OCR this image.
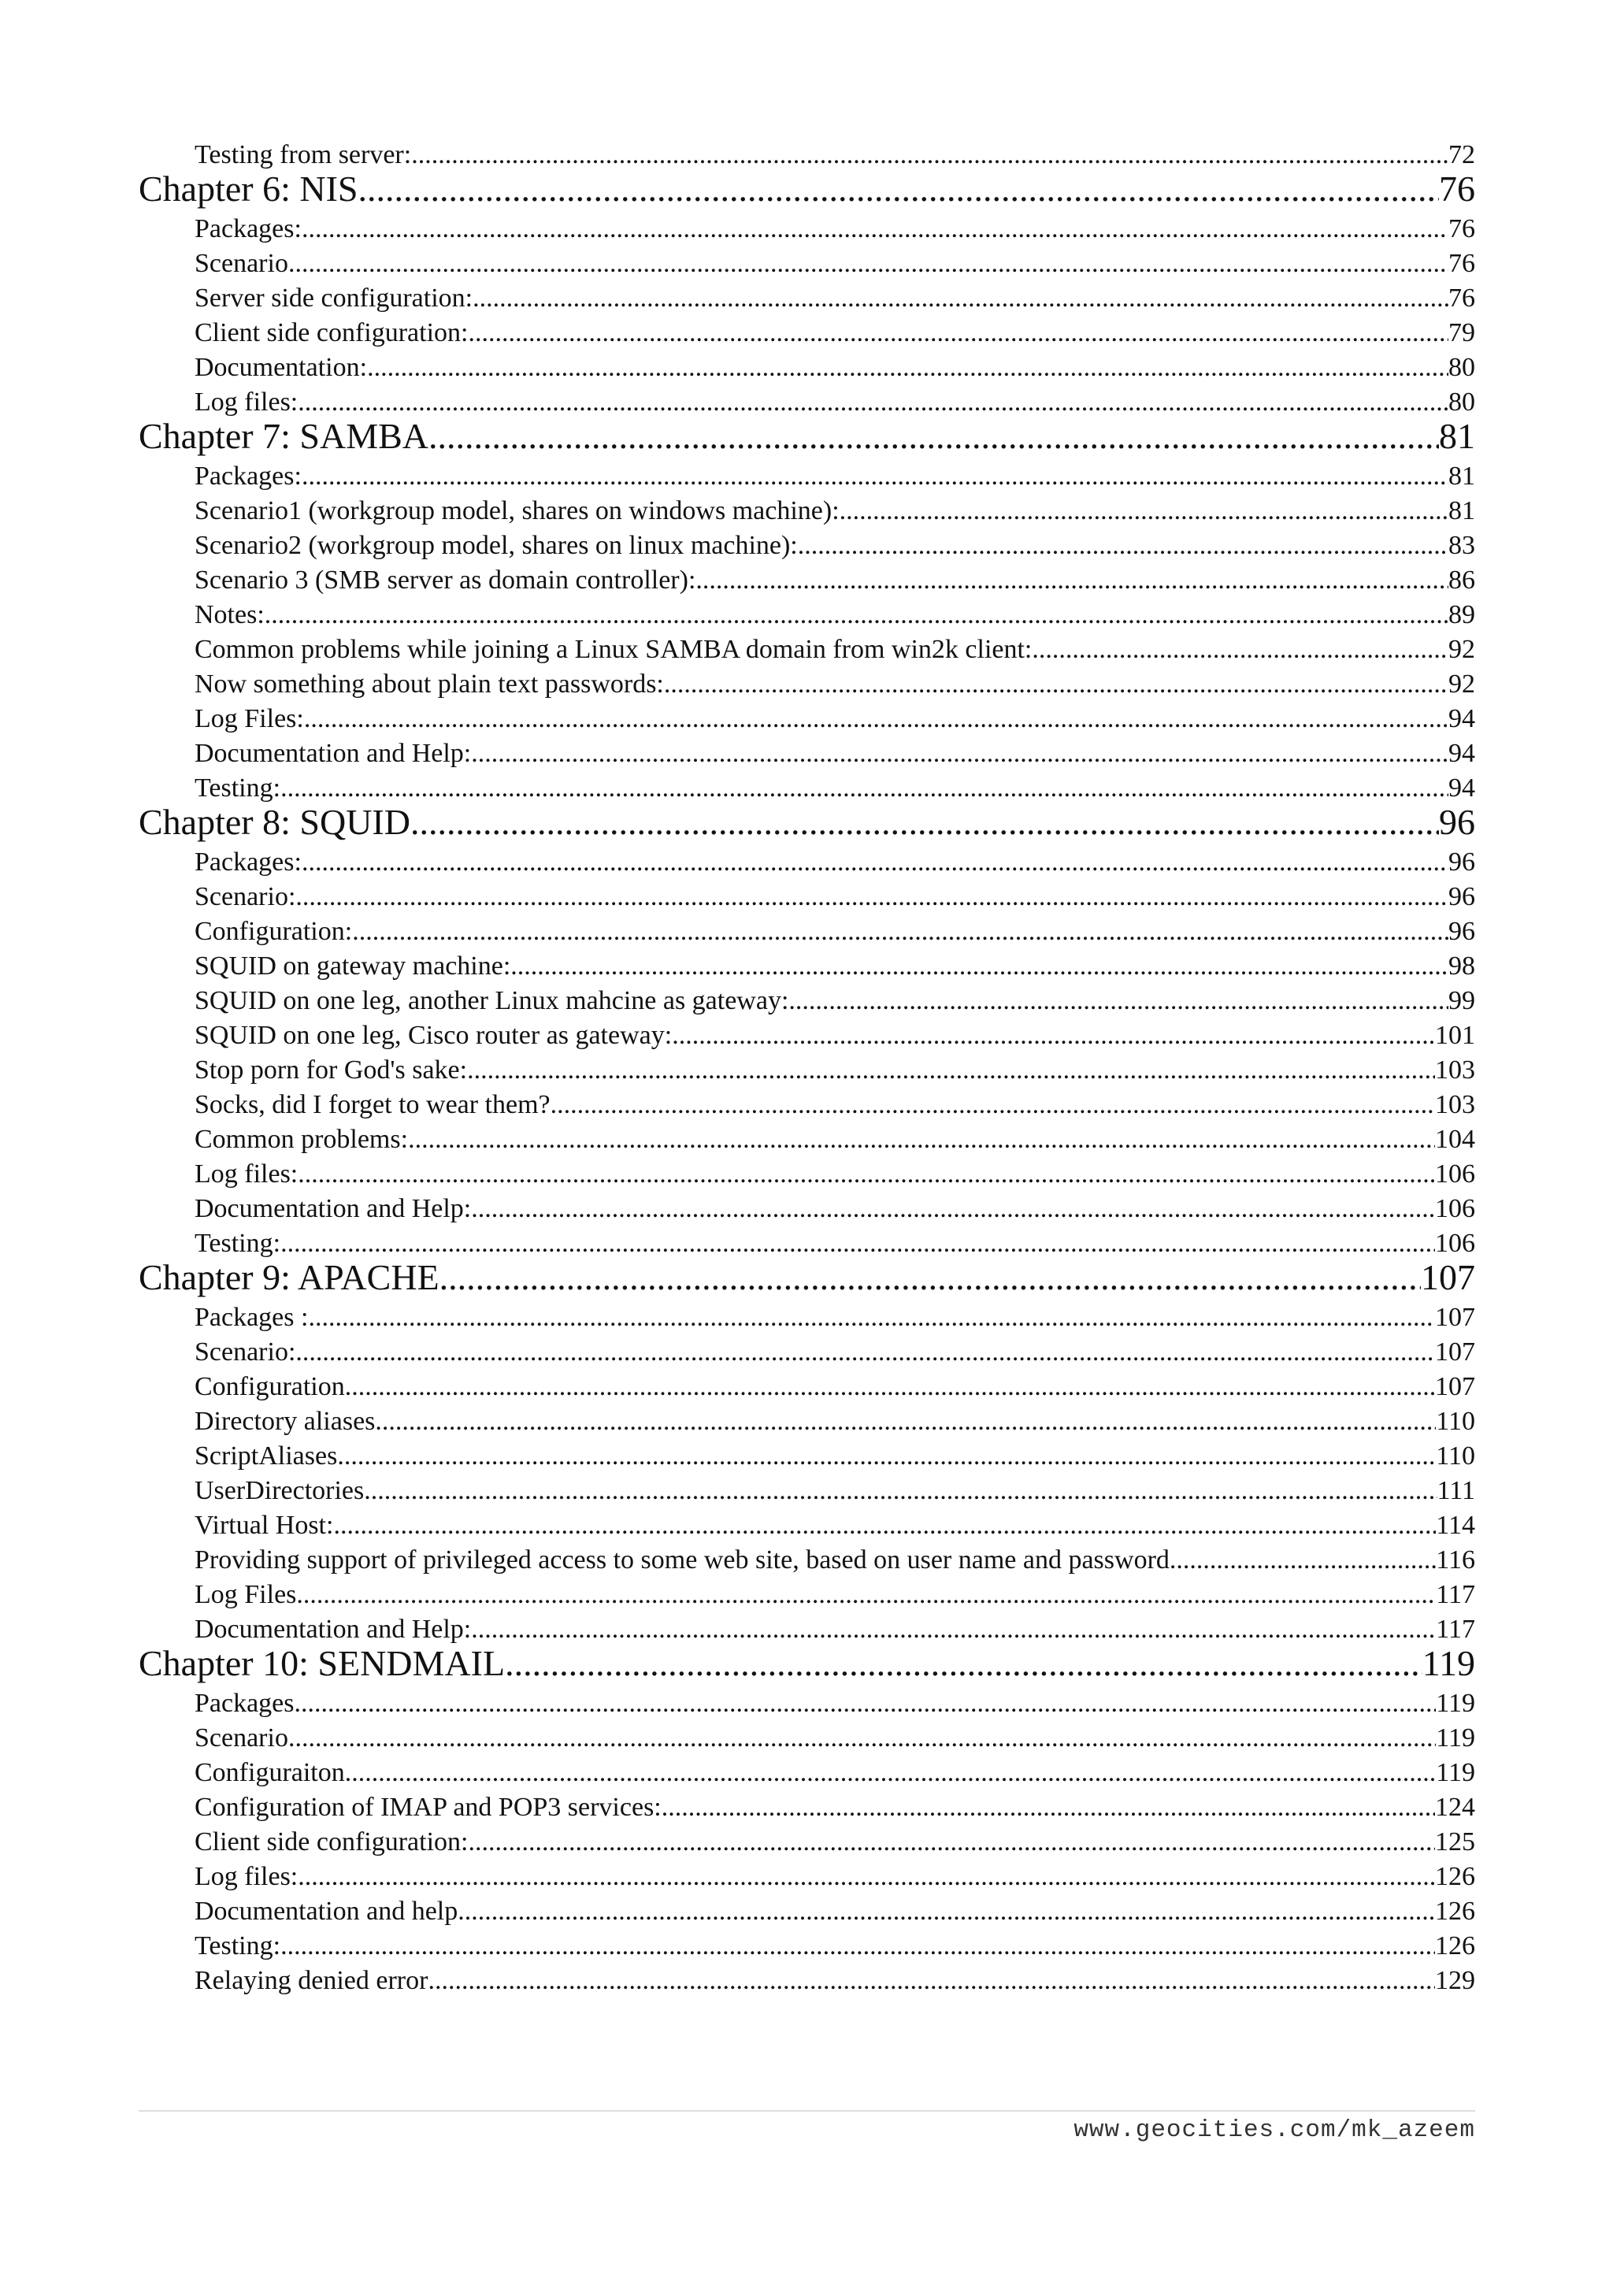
Testing from server: .....	72
Chapter 6: NIS .....	76
Packages: .....	76
Scenario .....	76
Server side configuration: .....	76
Client side configuration: .....	79
Documentation: .....	80
Log files: .....	80
Chapter 7: SAMBA .....	81
Packages: .....	81
Scenario1 (workgroup model, shares on windows machine): .....	81
Scenario2 (workgroup model, shares on linux machine): .....	83
Scenario 3 (SMB server as domain controller): .....	86
Notes: .....	89
Common problems while joining a Linux SAMBA domain from win2k client: .....	92
Now something about plain text passwords: .....	92
Log Files: .....	94
Documentation and Help: .....	94
Testing: .....	94
Chapter 8: SQUID .....	96
Packages: .....	96
Scenario: .....	96
Configuration: .....	96
SQUID on gateway machine: .....	98
SQUID on one leg, another Linux mahcine as gateway: .....	99
SQUID on one leg, Cisco router as gateway: .....	101
Stop porn for God's sake: .....	103
Socks, did I forget to wear them? .....	103
Common problems: .....	104
Log files: .....	106
Documentation and Help: .....	106
Testing: .....	106
Chapter 9: APACHE .....	107
Packages : .....	107
Scenario: .....	107
Configuration .....	107
Directory aliases .....	110
ScriptAliases .....	110
UserDirectories .....	111
Virtual Host: .....	114
Providing support of privileged access to some web site, based on user name and password .....	116
Log Files .....	117
Documentation and Help: .....	117
Chapter 10: SENDMAIL .....	119
Packages .....	119
Scenario .....	119
Configuraiton .....	119
Configuration of IMAP and POP3 services: .....	124
Client side configuration: .....	125
Log files: .....	126
Documentation and help .....	126
Testing: .....	126
Relaying denied error .....	129
www.geocities.com/mk_azeem
